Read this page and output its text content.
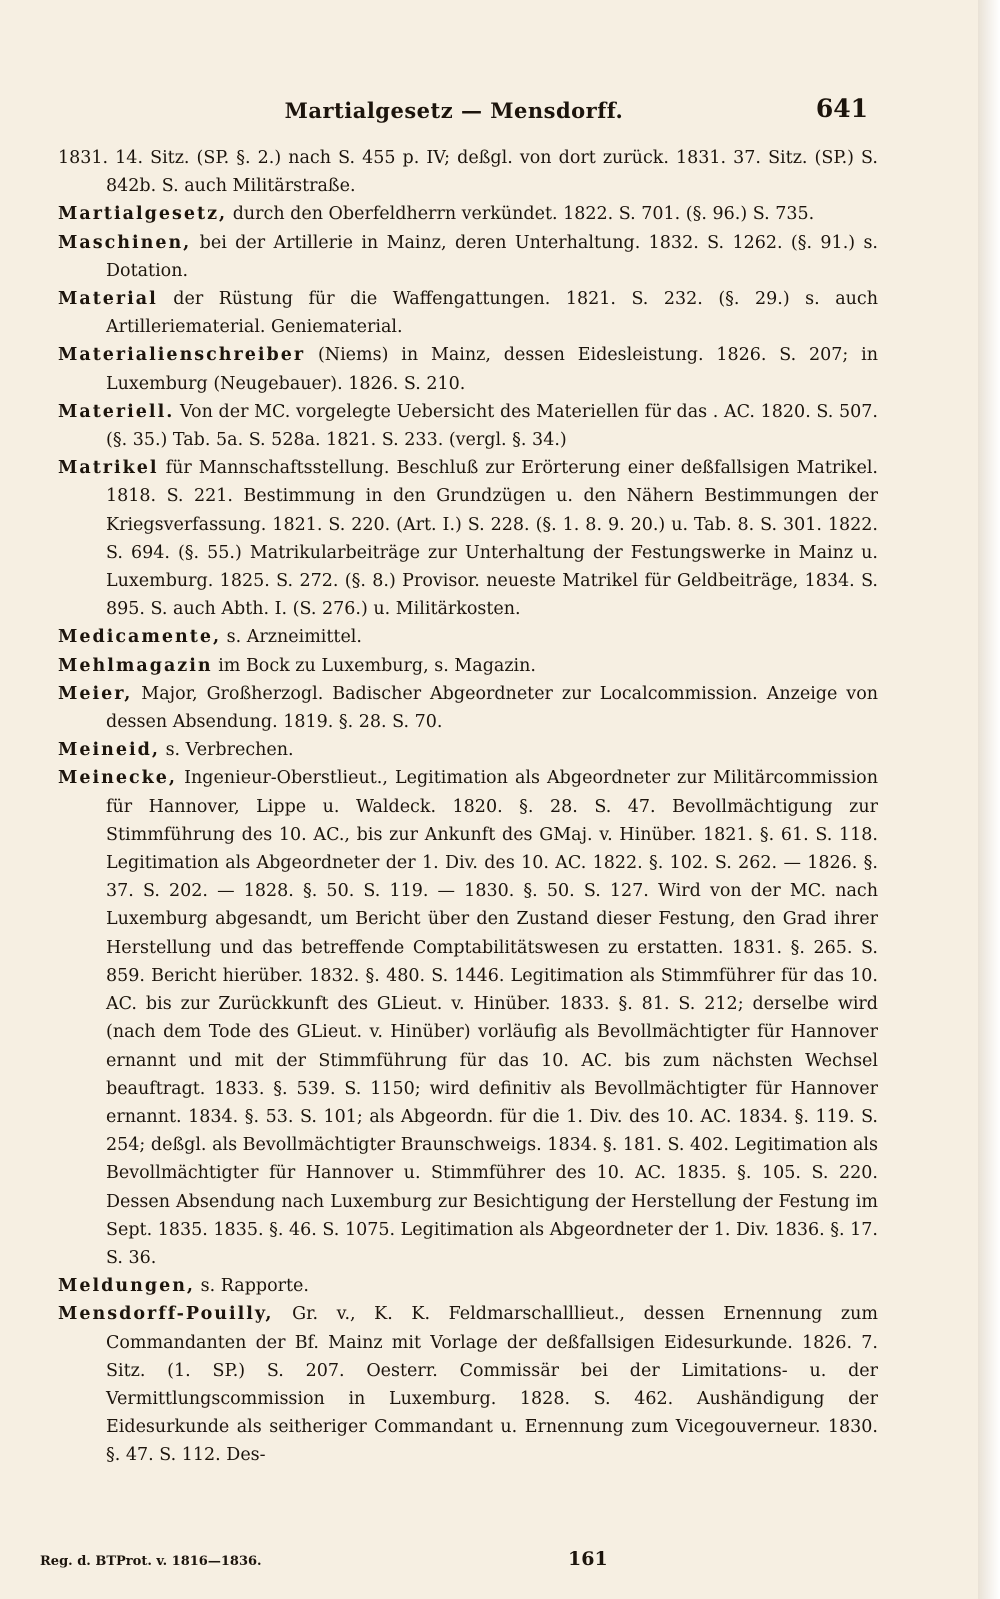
Martialgesetz — Mensdorff.	641
1831. 14. Sitz. (SP. §. 2.) nach S. 455 p. IV; deßgl. von dort zurück. 1831. 37. Sitz. (SP.) S. 842b. S. auch Militärstraße.
Martialgesetz, durch den Oberfeldherrn verkündet. 1822. S. 701. (§. 96.) S. 735.
Maschinen, bei der Artillerie in Mainz, deren Unterhaltung. 1832. S. 1262. (§. 91.) s. Dotation.
Material der Rüstung für die Waffengattungen. 1821. S. 232. (§. 29.) s. auch Artilleriematerial. Geniematerial.
Materialienschreiber (Niems) in Mainz, dessen Eidesleistung. 1826. S. 207; in Luxemburg (Neugebauer). 1826. S. 210.
Materiell. Von der MC. vorgelegte Uebersicht des Materiellen für das . AC. 1820. S. 507. (§. 35.) Tab. 5a. S. 528a. 1821. S. 233. (vergl. §. 34.)
Matrikel für Mannschaftsstellung. Beschluß zur Erörterung einer deßfallsigen Matrikel. 1818. S. 221. Bestimmung in den Grundzügen u. den Nähern Bestimmungen der Kriegsverfassung. 1821. S. 220. (Art. I.) S. 228. (§. 1. 8. 9. 20.) u. Tab. 8. S. 301. 1822. S. 694. (§. 55.) Matrikularbeiträge zur Unterhaltung der Festungswerke in Mainz u. Luxemburg. 1825. S. 272. (§. 8.) Provisor. neueste Matrikel für Geldbeiträge, 1834. S. 895. S. auch Abth. I. (S. 276.) u. Militärkosten.
Medicamente, s. Arzneimittel.
Mehlmagazin im Bock zu Luxemburg, s. Magazin.
Meier, Major, Großherzogl. Badischer Abgeordneter zur Localcommission. Anzeige von dessen Absendung. 1819. §. 28. S. 70.
Meineid, s. Verbrechen.
Meinecke, Ingenieur-Oberstlieut., Legitimation als Abgeordneter zur Militärcommission für Hannover, Lippe u. Waldeck. 1820. §. 28. S. 47. Bevollmächtigung zur Stimmführung des 10. AC., bis zur Ankunft des GMaj. v. Hinüber. 1821. §. 61. S. 118. Legitimation als Abgeordneter der 1. Div. des 10. AC. 1822. §. 102. S. 262. — 1826. §. 37. S. 202. — 1828. §. 50. S. 119. — 1830. §. 50. S. 127. Wird von der MC. nach Luxemburg abgesandt, um Bericht über den Zustand dieser Festung, den Grad ihrer Herstellung und das betreffende Comptabilitätswesen zu erstatten. 1831. §. 265. S. 859. Bericht hierüber. 1832. §. 480. S. 1446. Legitimation als Stimmführer für das 10. AC. bis zur Zurückkunft des GLieut. v. Hinüber. 1833. §. 81. S. 212; derselbe wird (nach dem Tode des GLieut. v. Hinüber) vorläufig als Bevollmächtigter für Hannover ernannt und mit der Stimmführung für das 10. AC. bis zum nächsten Wechsel beauftragt. 1833. §. 539. S. 1150; wird definitiv als Bevollmächtigter für Hannover ernannt. 1834. §. 53. S. 101; als Abgeordn. für die 1. Div. des 10. AC. 1834. §. 119. S. 254; deßgl. als Bevollmächtigter Braunschweigs. 1834. §. 181. S. 402. Legitimation als Bevollmächtigter für Hannover u. Stimmführer des 10. AC. 1835. §. 105. S. 220. Dessen Absendung nach Luxemburg zur Besichtigung der Herstellung der Festung im Sept. 1835. 1835. §. 46. S. 1075. Legitimation als Abgeordneter der 1. Div. 1836. §. 17. S. 36.
Meldungen, s. Rapporte.
Mensdorff-Pouilly, Gr. v., K. K. Feldmarschalllieut., dessen Ernennung zum Commandanten der Bf. Mainz mit Vorlage der deßfallsigen Eidesurkunde. 1826. 7. Sitz. (1. SP.) S. 207. Oesterr. Commissär bei der Limitations- u. der Vermittlungscommission in Luxemburg. 1828. S. 462. Aushändigung der Eidesurkunde als seitheriger Commandant u. Ernennung zum Vicegouverneur. 1830. §. 47. S. 112. Des-
Reg. d. BTProt. v. 1816—1836.	161
